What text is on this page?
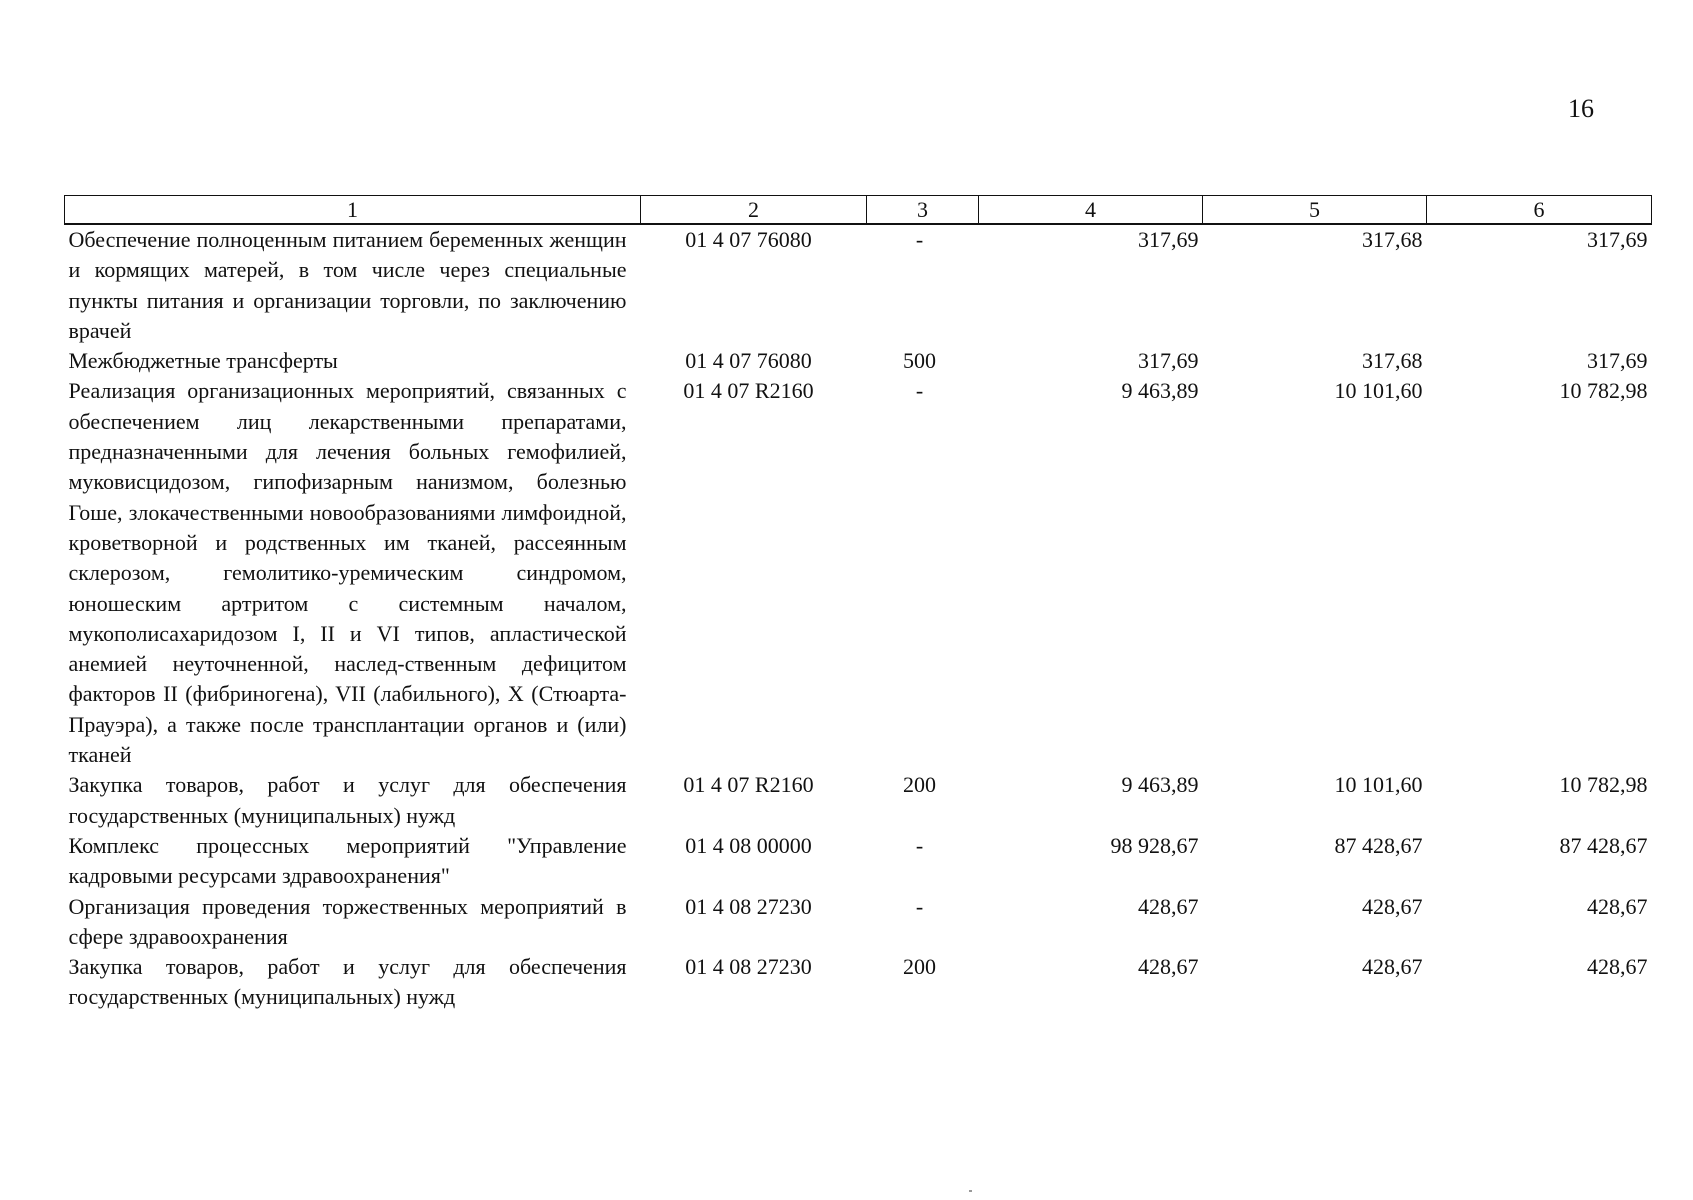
16
1	2	3	4	5	6
Обеспечение полноценным питанием беременных женщин и кормящих матерей, в том числе через специальные пункты питания и организации торговли, по заключению врачей	01 4 07 76080	-	317,69	317,68	317,69
Межбюджетные трансферты	01 4 07 76080	500	317,69	317,68	317,69
Реализация организационных мероприятий, связанных с обеспечением лиц лекарственными препаратами, предназначенными для лечения больных гемофилией, муковисцидозом, гипофизарным нанизмом, болезнью Гоше, злокачественными новообразованиями лимфоидной, кроветворной и родственных им тканей, рассеянным склерозом, гемолитико-уремическим синдромом, юношеским артритом с системным началом, мукополисахаридозом I, II и VI типов, апластической анемией неуточненной, наслед-ственным дефицитом факторов II (фибриногена), VII (лабильного), X (Стюарта-Прауэра), а также после трансплантации органов и (или) тканей	01 4 07 R2160	-	9 463,89	10 101,60	10 782,98
Закупка товаров, работ и услуг для обеспечения государственных (муниципальных) нужд	01 4 07 R2160	200	9 463,89	10 101,60	10 782,98
Комплекс процессных мероприятий "Управление кадровыми ресурсами здравоохранения"	01 4 08 00000	-	98 928,67	87 428,67	87 428,67
Организация проведения торжественных мероприятий в сфере здравоохранения	01 4 08 27230	-	428,67	428,67	428,67
Закупка товаров, работ и услуг для обеспечения государственных (муниципальных) нужд	01 4 08 27230	200	428,67	428,67	428,67
